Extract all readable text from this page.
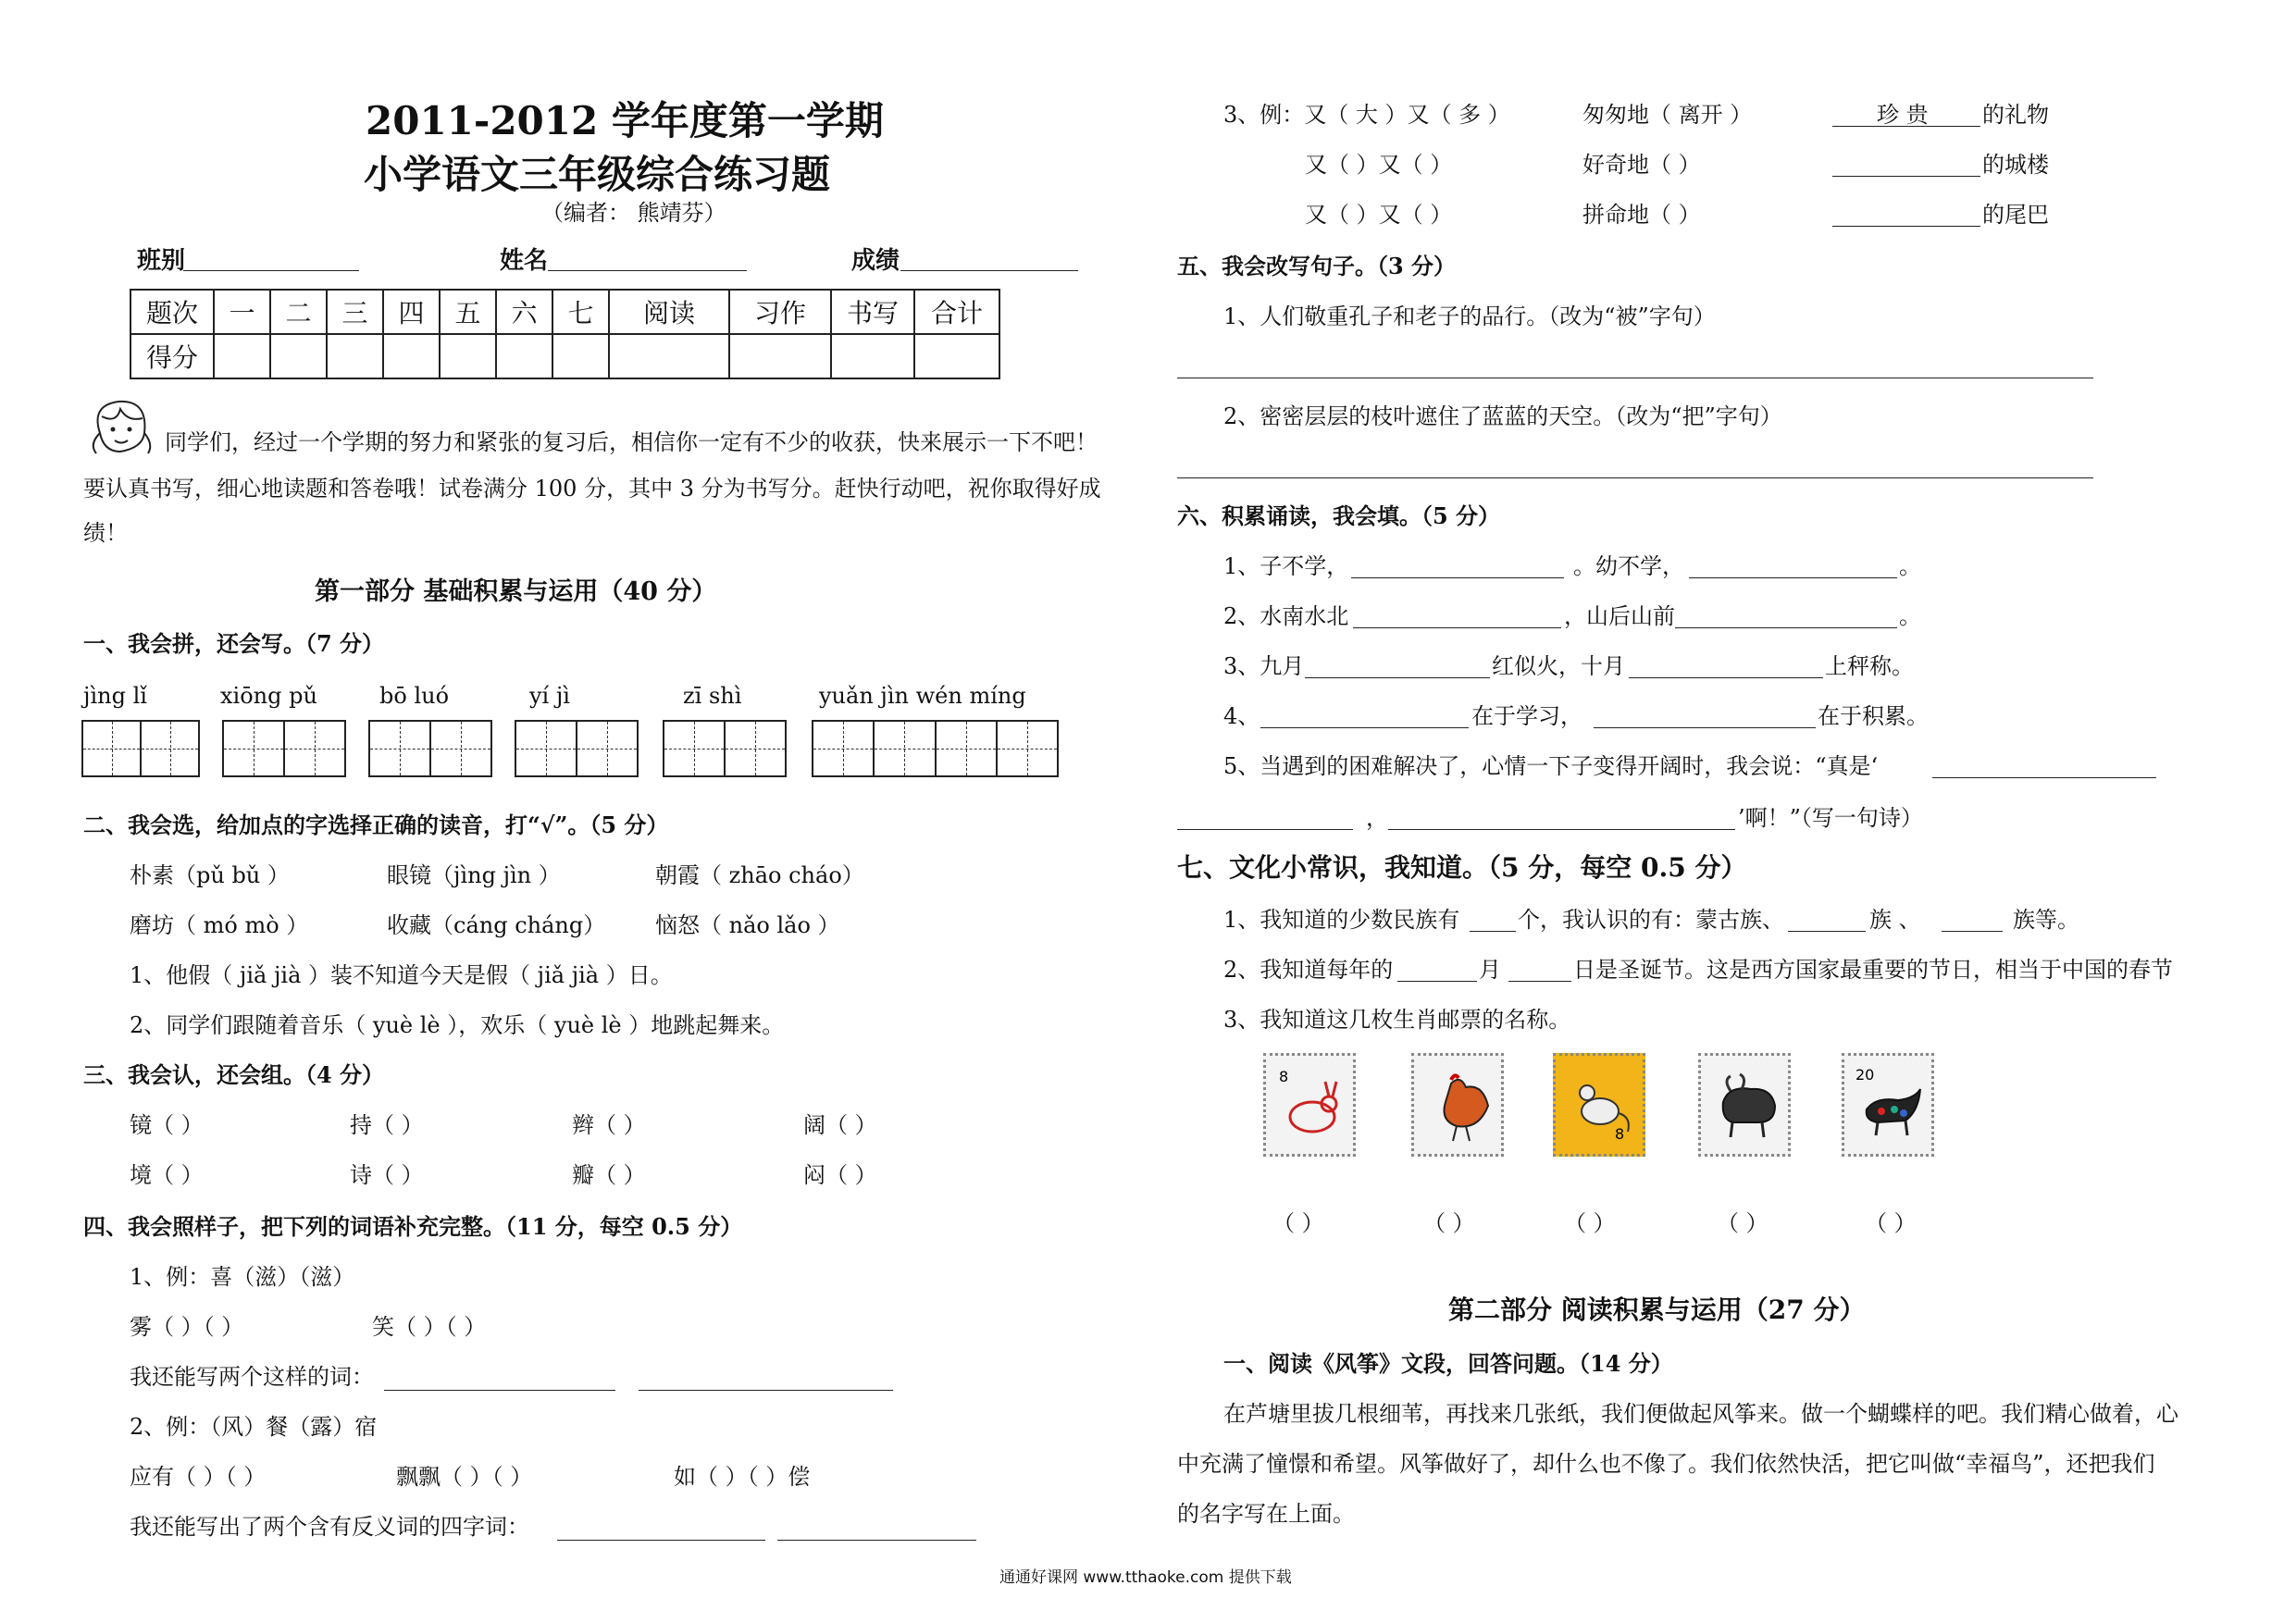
2011-2012 学年度第一学期
小学语文三年级综合练习题
（编者： 熊靖芬）
班别	姓名	成绩
题次	一	二	三	四	五	六	七	阅读	习作	书写	合计
得分											
同学们，经过一个学期的努力和紧张的复习后，相信你一定有不少的收获，快来展示一下不吧！
要认真书写，细心地读题和答卷哦！试卷满分 100 分，其中 3 分为书写分。赶快行动吧，祝你取得好成
绩！
第一部分 基础积累与运用（40 分）
一、我会拼，还会写。（7 分）
jìng lǐ	xiōng pǔ	bō luó	yí jì	zī shì	yuǎn jìn wén míng
二、我会选，给加点的字选择正确的读音，打“√”。（5 分）
朴素（pǔ bǔ ）	眼镜（jìng jìn ）	朝霞（ zhāo cháo）
磨坊（ mó mò ）	收藏（cáng cháng） 恼怒（ nǎo lǎo ）
1、他假（ jiǎ jià ）装不知道今天是假（ jiǎ jià ）日。
2、同学们跟随着音乐（ yuè lè ），欢乐（ yuè lè ）地跳起舞来。
三、我会认，还会组。（4 分）
镜（ ）	持（ ）	辫（ ）	阔（ ）
境（ ）	诗（ ）	瓣（ ）	闷（ ）
四、我会照样子，把下列的词语补充完整。（11 分，每空 0.5 分）
1、例：喜（滋）（滋）
雾（ ）（ ）	笑（ ）（ ）
我还能写两个这样的词：
2、例：（风）餐（露）宿
应有（ ）（ ）	飘飘（ ）（ ）	如（ ）（ ）偿
我还能写出了两个含有反义词的四字词：
3、例：又（ 大 ）又（ 多 ）	匆匆地（ 离开 ）	珍 贵 的礼物
又（ ）又（ ）	好奇地（ ）	的城楼
又（ ）又（ ）	拼命地（ ）	的尾巴
五、我会改写句子。（3 分）
1、人们敬重孔子和老子的品行。（改为“被”字句）
2、密密层层的枝叶遮住了蓝蓝的天空。（改为“把”字句）
六、积累诵读，我会填。（5 分）
1、子不学，	。幼不学，	。
2、水南水北	，山后山前	。
3、九月	红似火，十月	上秤称。
4、	在于学习，	在于积累。
5、当遇到的困难解决了，心情一下子变得开阔时，我会说：“真是‘
，	’啊！”（写一句诗）
七、文化小常识，我知道。（5 分，每空 0.5 分）
1、我知道的少数民族有	个，我认识的有：蒙古族、	族 、	族等。
2、我知道每年的	月	日是圣诞节。这是西方国家最重要的节日，相当于中国的春节
3、我知道这几枚生肖邮票的名称。
8
8
20
（ ）	（ ）	（ ）	（ ）	（ ）
第二部分 阅读积累与运用（27 分）
一、阅读《风筝》文段，回答问题。（14 分）
在芦塘里拔几根细苇，再找来几张纸，我们便做起风筝来。做一个蝴蝶样的吧。我们精心做着，心
中充满了憧憬和希望。风筝做好了，却什么也不像了。我们依然快活，把它叫做“幸福鸟”，还把我们
的名字写在上面。
通通好课网 www.tthaoke.com 提供下载
